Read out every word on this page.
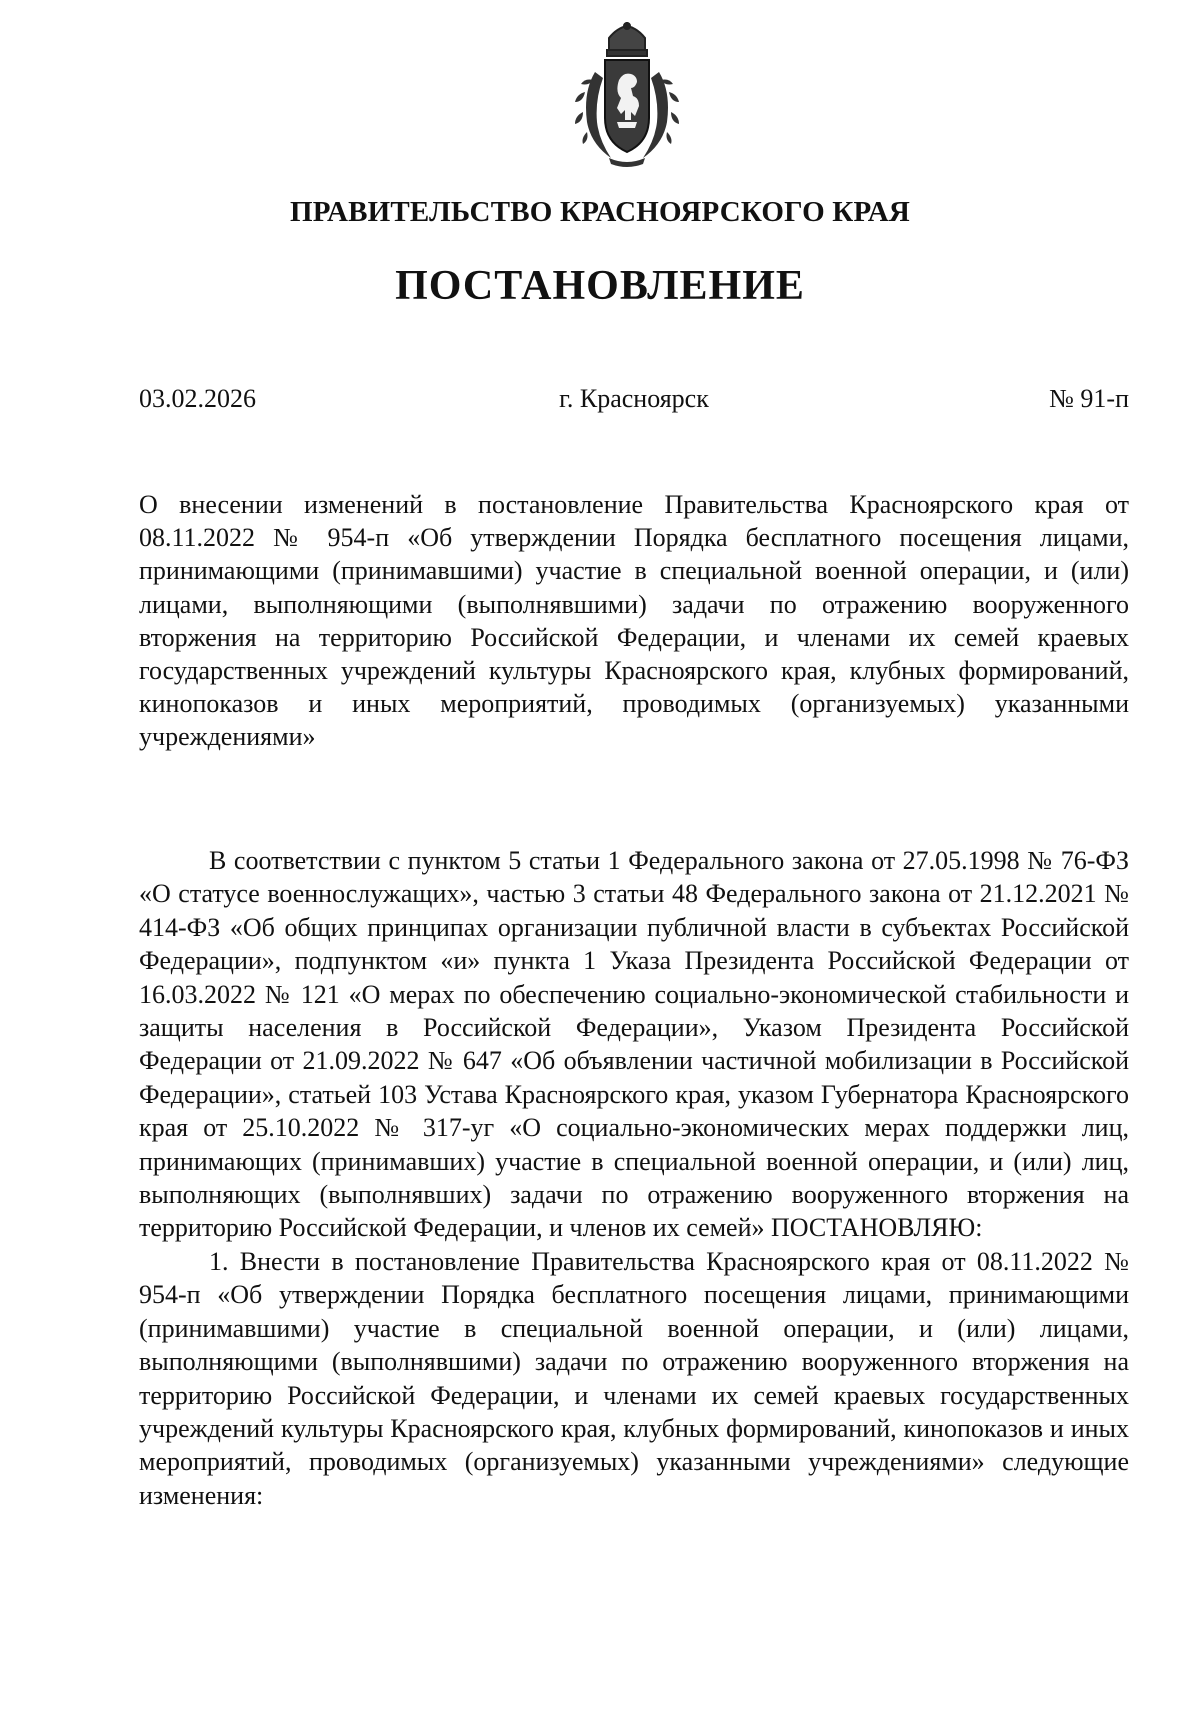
ПРАВИТЕЛЬСТВО КРАСНОЯРСКОГО КРАЯ
ПОСТАНОВЛЕНИЕ
03.02.2026	г. Красноярск	№ 91-п
О внесении изменений в постановление Правительства Красноярского края от 08.11.2022 № 954-п «Об утверждении Порядка бесплатного посещения лицами, принимающими (принимавшими) участие в специальной военной операции, и (или) лицами, выполняющими (выполнявшими) задачи по отражению вооруженного вторжения на территорию Российской Федерации, и членами их семей краевых государственных учреждений культуры Красноярского края, клубных формирований, кинопоказов и иных мероприятий, проводимых (организуемых) указанными учреждениями»

В соответствии с пунктом 5 статьи 1 Федерального закона от 27.05.1998 № 76-ФЗ «О статусе военнослужащих», частью 3 статьи 48 Федерального закона от 21.12.2021 № 414-ФЗ «Об общих принципах организации публичной власти в субъектах Российской Федерации», подпунктом «и» пункта 1 Указа Президента Российской Федерации от 16.03.2022 № 121 «О мерах по обеспечению социально-экономической стабильности и защиты населения в Российской Федерации», Указом Президента Российской Федерации от 21.09.2022 № 647 «Об объявлении частичной мобилизации в Российской Федерации», статьей 103 Устава Красноярского края, указом Губернатора Красноярского края от 25.10.2022 № 317-уг «О социально-экономических мерах поддержки лиц, принимающих (принимавших) участие в специальной военной операции, и (или) лиц, выполняющих (выполнявших) задачи по отражению вооруженного вторжения на территорию Российской Федерации, и членов их семей» ПОСТАНОВЛЯЮ:

1. Внести в постановление Правительства Красноярского края от 08.11.2022 № 954-п «Об утверждении Порядка бесплатного посещения лицами, принимающими (принимавшими) участие в специальной военной операции, и (или) лицами, выполняющими (выполнявшими) задачи по отражению вооруженного вторжения на территорию Российской Федерации, и членами их семей краевых государственных учреждений культуры Красноярского края, клубных формирований, кинопоказов и иных мероприятий, проводимых (организуемых) указанными учреждениями» следующие изменения:
